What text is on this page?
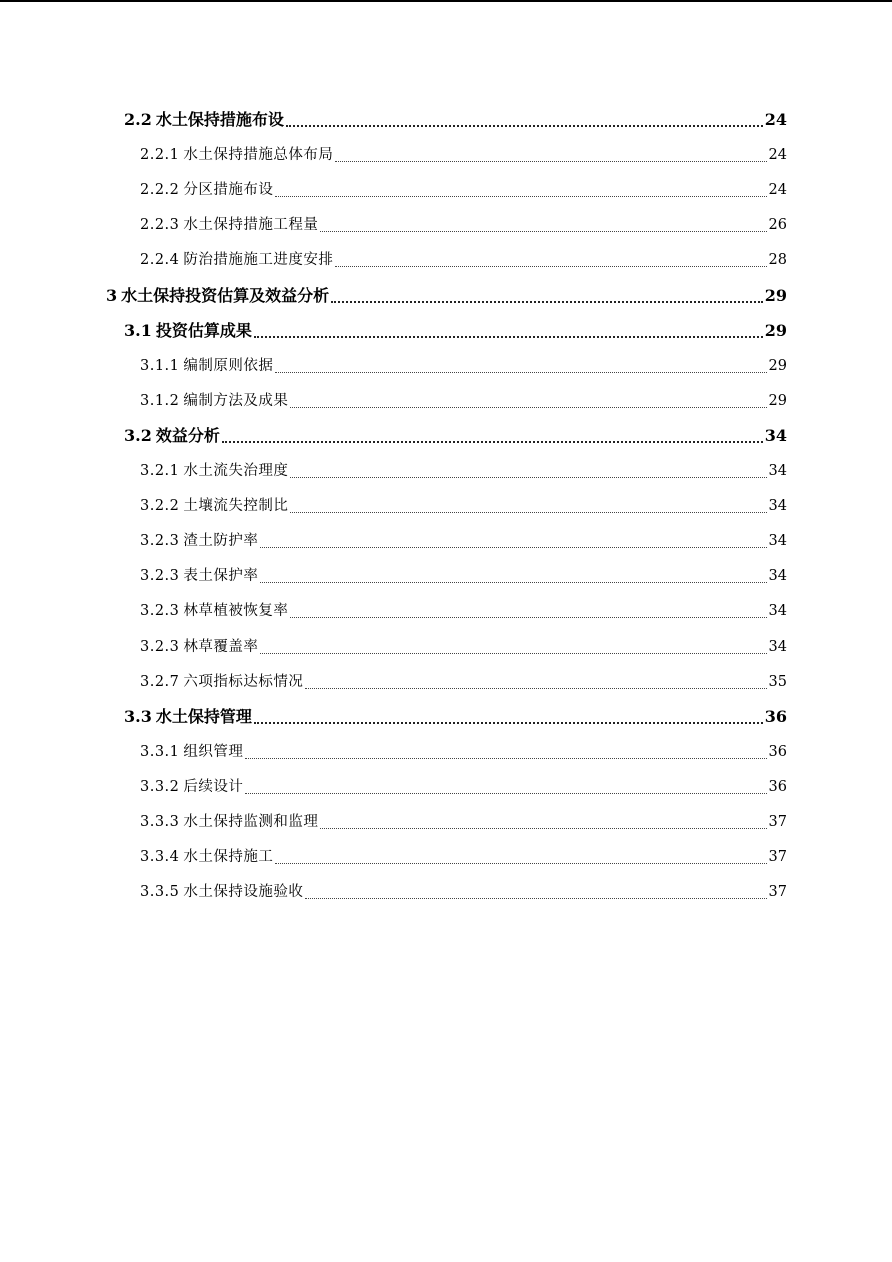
2.2 水土保持措施布设	24
2.2.1 水土保持措施总体布局	24
2.2.2 分区措施布设	24
2.2.3 水土保持措施工程量	26
2.2.4 防治措施施工进度安排	28
3 水土保持投资估算及效益分析	29
3.1 投资估算成果	29
3.1.1 编制原则依据	29
3.1.2 编制方法及成果	29
3.2 效益分析	34
3.2.1 水土流失治理度	34
3.2.2 土壤流失控制比	34
3.2.3 渣土防护率	34
3.2.3 表土保护率	34
3.2.3 林草植被恢复率	34
3.2.3 林草覆盖率	34
3.2.7 六项指标达标情况	35
3.3 水土保持管理	36
3.3.1 组织管理	36
3.3.2 后续设计	36
3.3.3 水土保持监测和监理	37
3.3.4 水土保持施工	37
3.3.5 水土保持设施验收	37
